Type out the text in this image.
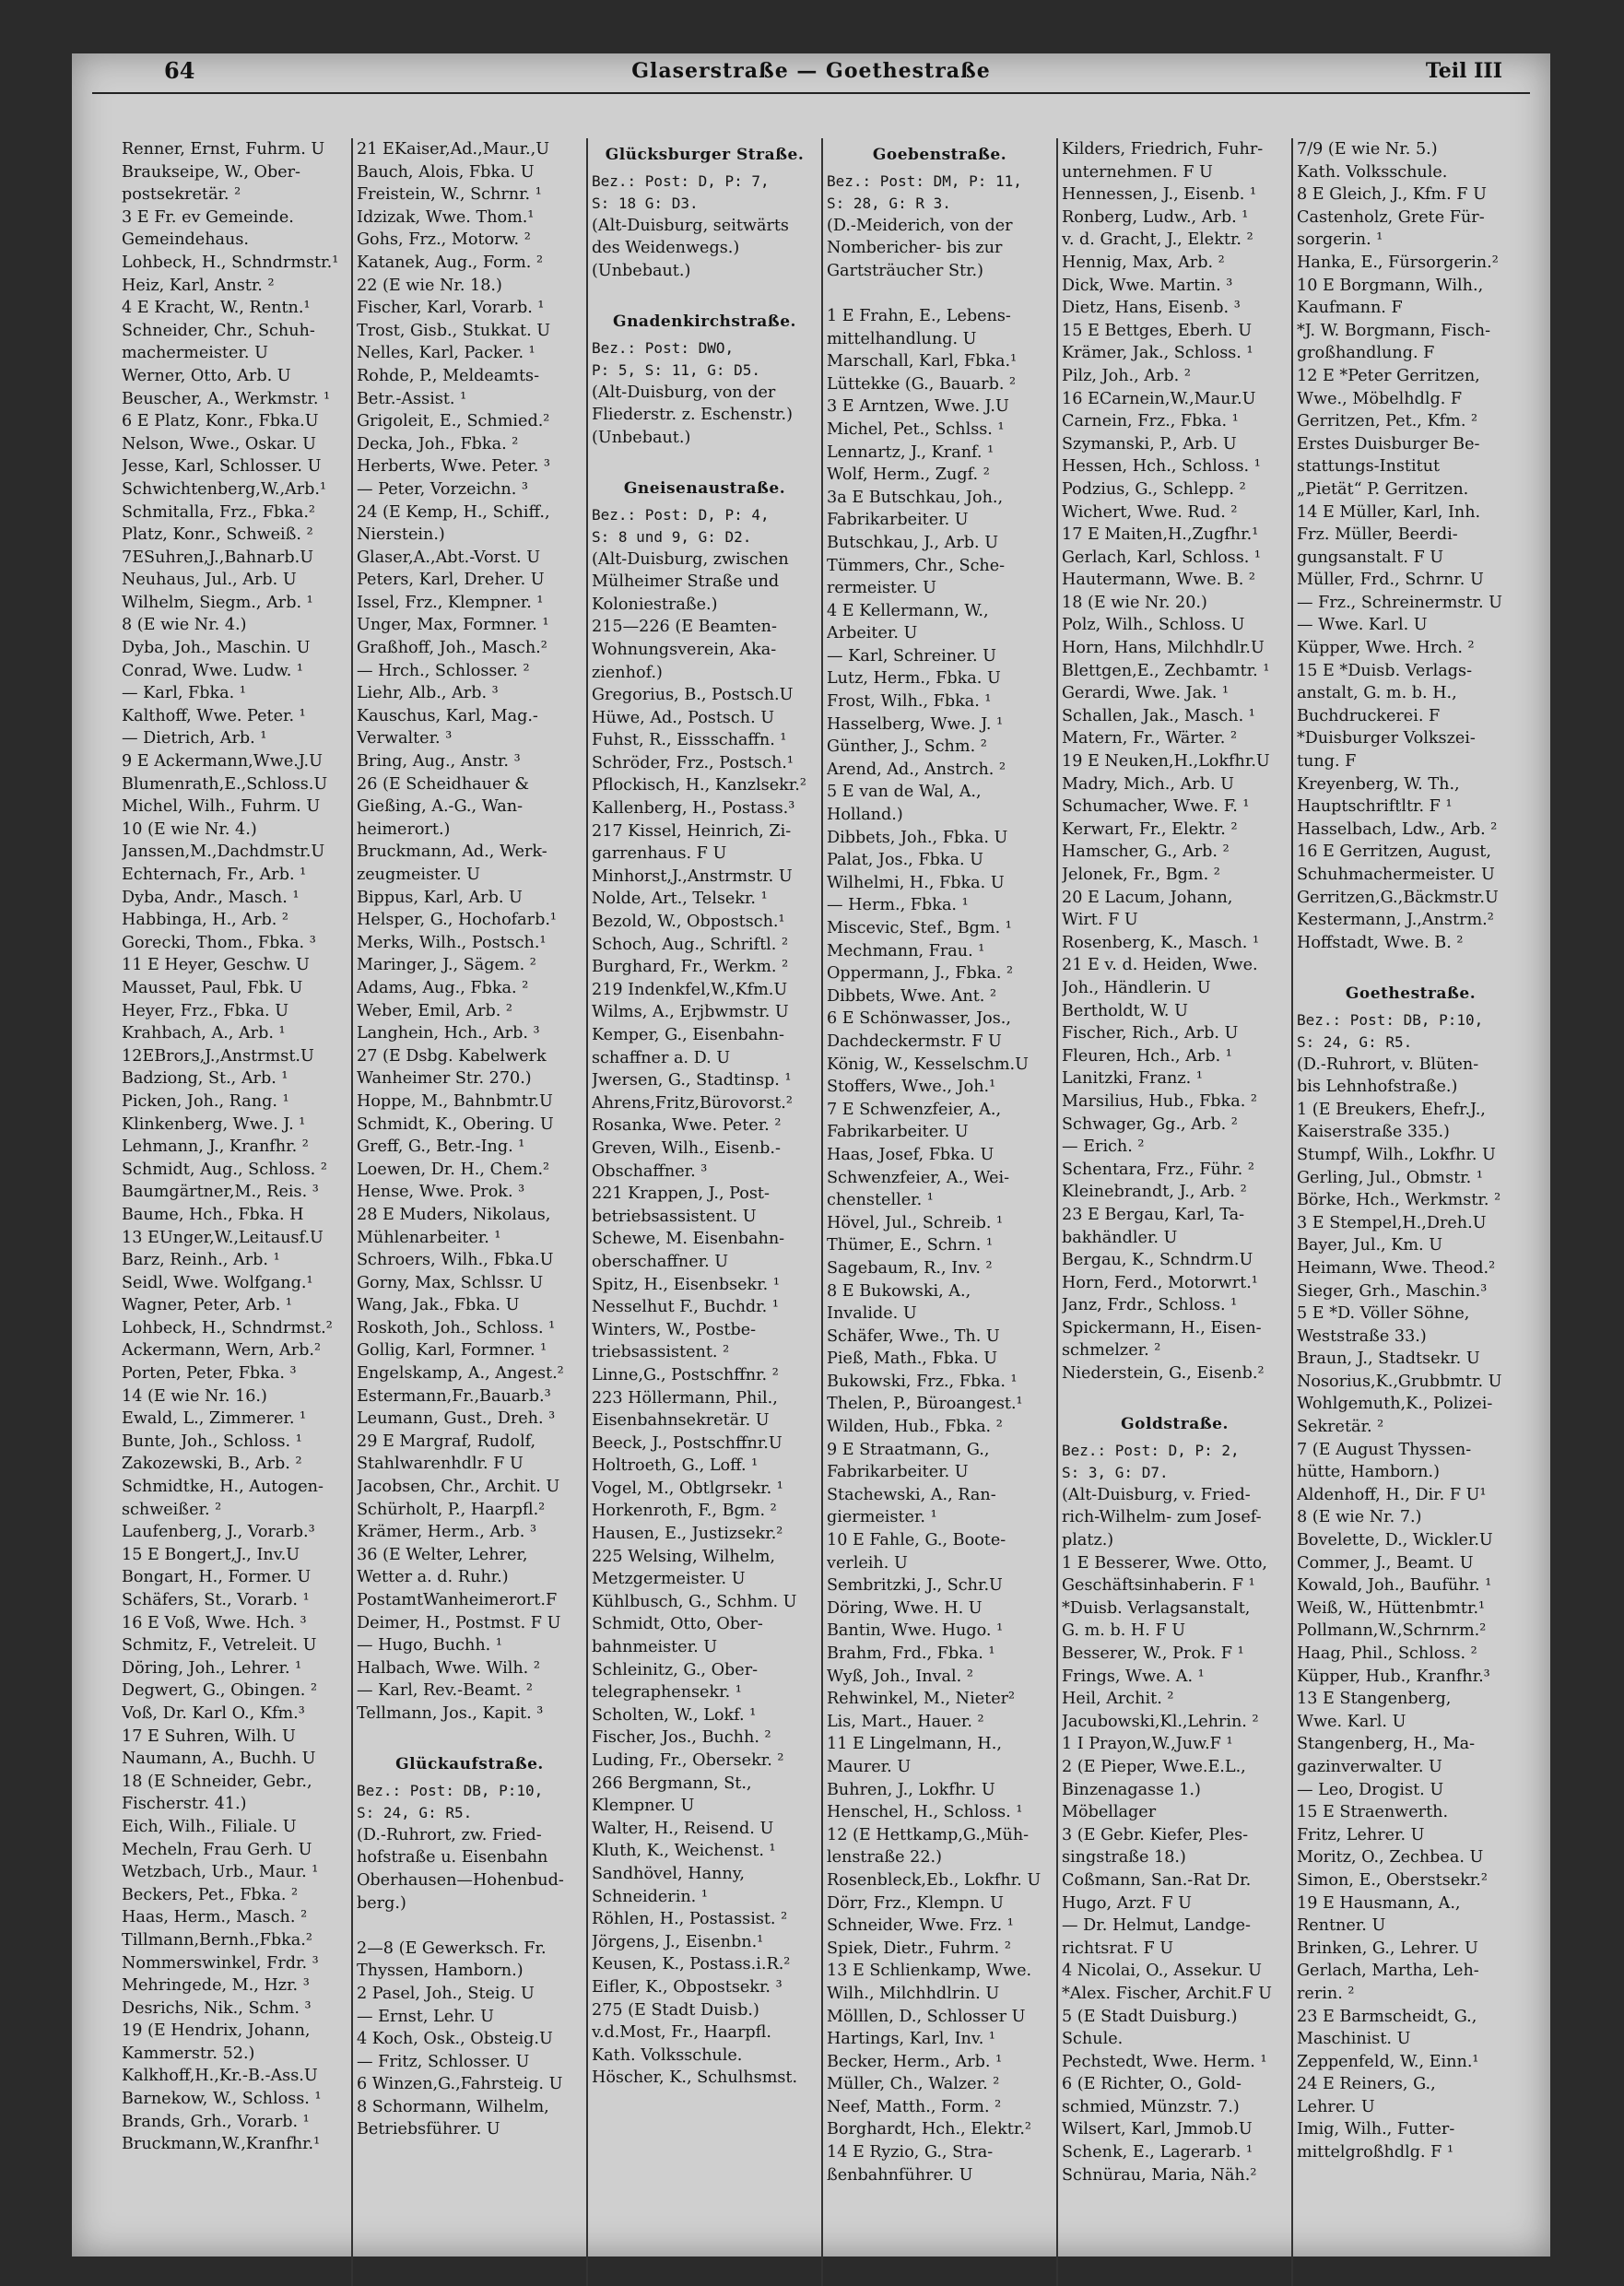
64	Glaserstraße — Goethestraße	Teil III
Renner, Ernst, Fuhrm. U
Braukseipe, W., Ober-
postsekretär. ²
3 E Fr. ev Gemeinde.
Gemeindehaus.
Lohbeck, H., Schndrmstr.¹
Heiz, Karl, Anstr. ²
4 E Kracht, W., Rentn.¹
Schneider, Chr., Schuh-
machermeister. U
Werner, Otto, Arb. U
Beuscher, A., Werkmstr. ¹
6 E Platz, Konr., Fbka.U
Nelson, Wwe., Oskar. U
Jesse, Karl, Schlosser. U
Schwichtenberg,W.,Arb.¹
Schmitalla, Frz., Fbka.²
Platz, Konr., Schweiß. ²
7ESuhren,J.,Bahnarb.U
Neuhaus, Jul., Arb. U
Wilhelm, Siegm., Arb. ¹
8 (E wie Nr. 4.)
Dyba, Joh., Maschin. U
Conrad, Wwe. Ludw. ¹
— Karl, Fbka. ¹
Kalthoff, Wwe. Peter. ¹
— Dietrich, Arb. ¹
9 E Ackermann,Wwe.J.U
Blumenrath,E.,Schloss.U
Michel, Wilh., Fuhrm. U
10 (E wie Nr. 4.)
Janssen,M.,Dachdmstr.U
Echternach, Fr., Arb. ¹
Dyba, Andr., Masch. ¹
Habbinga, H., Arb. ²
Gorecki, Thom., Fbka. ³
11 E Heyer, Geschw. U
Mausset, Paul, Fbk. U
Heyer, Frz., Fbka. U
Krahbach, A., Arb. ¹
12EBrors,J.,Anstrmst.U
Badziong, St., Arb. ¹
Picken, Joh., Rang. ¹
Klinkenberg, Wwe. J. ¹
Lehmann, J., Kranfhr. ²
Schmidt, Aug., Schloss. ²
Baumgärtner,M., Reis. ³
Baume, Hch., Fbka. H
13 EUnger,W.,Leitausf.U
Barz, Reinh., Arb. ¹
Seidl, Wwe. Wolfgang.¹
Wagner, Peter, Arb. ¹
Lohbeck, H., Schndrmst.²
Ackermann, Wern, Arb.²
Porten, Peter, Fbka. ³
14 (E wie Nr. 16.)
Ewald, L., Zimmerer. ¹
Bunte, Joh., Schloss. ¹
Zakozewski, B., Arb. ²
Schmidtke, H., Autogen-
schweißer. ²
Laufenberg, J., Vorarb.³
15 E Bongert,J., Inv.U
Bongart, H., Former. U
Schäfers, St., Vorarb. ¹
16 E Voß, Wwe. Hch. ³
Schmitz, F., Vetreleit. U
Döring, Joh., Lehrer. ¹
Degwert, G., Obingen. ²
Voß, Dr. Karl O., Kfm.³
17 E Suhren, Wilh. U
Naumann, A., Buchh. U
18 (E Schneider, Gebr.,
Fischerstr. 41.)
Eich, Wilh., Filiale. U
Mecheln, Frau Gerh. U
Wetzbach, Urb., Maur. ¹
Beckers, Pet., Fbka. ²
Haas, Herm., Masch. ²
Tillmann,Bernh.,Fbka.²
Nommerswinkel, Frdr. ³
Mehringede, M., Hzr. ³
Desrichs, Nik., Schm. ³
19 (E Hendrix, Johann,
Kammerstr. 52.)
Kalkhoff,H.,Kr.-B.-Ass.U
Barnekow, W., Schloss. ¹
Brands, Grh., Vorarb. ¹
Bruckmann,W.,Kranfhr.¹
21 EKaiser,Ad.,Maur.,U
Bauch, Alois, Fbka. U
Freistein, W., Schrnr. ¹
Idzizak, Wwe. Thom.¹
Gohs, Frz., Motorw. ²
Katanek, Aug., Form. ²
22 (E wie Nr. 18.)
Fischer, Karl, Vorarb. ¹
Trost, Gisb., Stukkat. U
Nelles, Karl, Packer. ¹
Rohde, P., Meldeamts-
Betr.-Assist. ¹
Grigoleit, E., Schmied.²
Decka, Joh., Fbka. ²
Herberts, Wwe. Peter. ³
— Peter, Vorzeichn. ³
24 (E Kemp, H., Schiff.,
Nierstein.)
Glaser,A.,Abt.-Vorst. U
Peters, Karl, Dreher. U
Issel, Frz., Klempner. ¹
Unger, Max, Formner. ¹
Graßhoff, Joh., Masch.²
— Hrch., Schlosser. ²
Liehr, Alb., Arb. ³
Kauschus, Karl, Mag.-
Verwalter. ³
Bring, Aug., Anstr. ³
26 (E Scheidhauer &
Gießing, A.-G., Wan-
heimerort.)
Bruckmann, Ad., Werk-
zeugmeister. U
Bippus, Karl, Arb. U
Helsper, G., Hochofarb.¹
Merks, Wilh., Postsch.¹
Maringer, J., Sägem. ²
Adams, Aug., Fbka. ²
Weber, Emil, Arb. ²
Langhein, Hch., Arb. ³
27 (E Dsbg. Kabelwerk
Wanheimer Str. 270.)
Hoppe, M., Bahnbmtr.U
Schmidt, K., Obering. U
Greff, G., Betr.-Ing. ¹
Loewen, Dr. H., Chem.²
Hense, Wwe. Prok. ³
28 E Muders, Nikolaus,
Mühlenarbeiter. ¹
Schroers, Wilh., Fbka.U
Gorny, Max, Schlssr. U
Wang, Jak., Fbka. U
Roskoth, Joh., Schloss. ¹
Gollig, Karl, Formner. ¹
Engelskamp, A., Angest.²
Estermann,Fr.,Bauarb.³
Leumann, Gust., Dreh. ³
29 E Margraf, Rudolf,
Stahlwarenhdlr. F U
Jacobsen, Chr., Archit. U
Schürholt, P., Haarpfl.²
Krämer, Herm., Arb. ³
36 (E Welter, Lehrer,
Wetter a. d. Ruhr.)
PostamtWanheimerort.F
Deimer, H., Postmst. F U
— Hugo, Buchh. ¹
Halbach, Wwe. Wilh. ²
— Karl, Rev.-Beamt. ²
Tellmann, Jos., Kapit. ³

Glückaufstraße.
Bez.: Post: DB, P:10,
S: 24, G: R5.
(D.-Ruhrort, zw. Fried-
hofstraße u. Eisenbahn
Oberhausen—Hohenbud-
berg.)

2—8 (E Gewerksch. Fr.
Thyssen, Hamborn.)
2 Pasel, Joh., Steig. U
— Ernst, Lehr. U
4 Koch, Osk., Obsteig.U
— Fritz, Schlosser. U
6 Winzen,G.,Fahrsteig. U
8 Schormann, Wilhelm,
Betriebsführer. U
Glücksburger Straße.
Bez.: Post: D, P: 7,
S: 18 G: D3.
(Alt-Duisburg, seitwärts
des Weidenwegs.)
(Unbebaut.)

Gnadenkirchstraße.
Bez.: Post: DWO,
P: 5, S: 11, G: D5.
(Alt-Duisburg, von der
Fliederstr. z. Eschenstr.)
(Unbebaut.)

Gneisenaustraße.
Bez.: Post: D, P: 4,
S: 8 und 9, G: D2.
(Alt-Duisburg, zwischen
Mülheimer Straße und
Koloniestraße.)
215—226 (E Beamten-
Wohnungsverein, Aka-
zienhof.)
Gregorius, B., Postsch.U
Hüwe, Ad., Postsch. U
Fuhst, R., Eissschaffn. ¹
Schröder, Frz., Postsch.¹
Pflockisch, H., Kanzlsekr.²
Kallenberg, H., Postass.³
217 Kissel, Heinrich, Zi-
garrenhaus. F U
Minhorst,J.,Anstrmstr. U
Nolde, Art., Telsekr. ¹
Bezold, W., Obpostsch.¹
Schoch, Aug., Schriftl. ²
Burghard, Fr., Werkm. ²
219 Indenkfel,W.,Kfm.U
Wilms, A., Erjbwmstr. U
Kemper, G., Eisenbahn-
schaffner a. D. U
Jwersen, G., Stadtinsp. ¹
Ahrens,Fritz,Bürovorst.²
Rosanka, Wwe. Peter. ²
Greven, Wilh., Eisenb.-
Obschaffner. ³
221 Krappen, J., Post-
betriebsassistent. U
Schewe, M. Eisenbahn-
oberschaffner. U
Spitz, H., Eisenbsekr. ¹
Nesselhut F., Buchdr. ¹
Winters, W., Postbe-
triebsassistent. ²
Linne,G., Postschffnr. ²
223 Höllermann, Phil.,
Eisenbahnsekretär. U
Beeck, J., Postschffnr.U
Holtroeth, G., Loff. ¹
Vogel, M., Obtlgrsekr. ¹
Horkenroth, F., Bgm. ²
Hausen, E., Justizsekr.²
225 Welsing, Wilhelm,
Metzgermeister. U
Kühlbusch, G., Schhm. U
Schmidt, Otto, Ober-
bahnmeister. U
Schleinitz, G., Ober-
telegraphensekr. ¹
Scholten, W., Lokf. ¹
Fischer, Jos., Buchh. ²
Luding, Fr., Obersekr. ²
266 Bergmann, St.,
Klempner. U
Walter, H., Reisend. U
Kluth, K., Weichenst. ¹
Sandhövel, Hanny,
Schneiderin. ¹
Röhlen, H., Postassist. ²
Jörgens, J., Eisenbn.¹
Keusen, K., Postass.i.R.²
Eifler, K., Obpostsekr. ³
275 (E Stadt Duisb.)
v.d.Most, Fr., Haarpfl.
Kath. Volksschule.
Höscher, K., Schulhsmst.
Goebenstraße.
Bez.: Post: DM, P: 11,
S: 28, G: R 3.
(D.-Meiderich, von der
Nombericher- bis zur
Gartsträucher Str.)

1 E Frahn, E., Lebens-
mittelhandlung. U
Marschall, Karl, Fbka.¹
Lüttekke (G., Bauarb. ²
3 E Arntzen, Wwe. J.U
Michel, Pet., Schlss. ¹
Lennartz, J., Kranf. ¹
Wolf, Herm., Zugf. ²
3a E Butschkau, Joh.,
Fabrikarbeiter. U
Butschkau, J., Arb. U
Tümmers, Chr., Sche-
rermeister. U
4 E Kellermann, W.,
Arbeiter. U
— Karl, Schreiner. U
Lutz, Herm., Fbka. U
Frost, Wilh., Fbka. ¹
Hasselberg, Wwe. J. ¹
Günther, J., Schm. ²
Arend, Ad., Anstrch. ²
5 E van de Wal, A.,
Holland.)
Dibbets, Joh., Fbka. U
Palat, Jos., Fbka. U
Wilhelmi, H., Fbka. U
— Herm., Fbka. ¹
Miscevic, Stef., Bgm. ¹
Mechmann, Frau. ¹
Oppermann, J., Fbka. ²
Dibbets, Wwe. Ant. ²
6 E Schönwasser, Jos.,
Dachdeckermstr. F U
König, W., Kesselschm.U
Stoffers, Wwe., Joh.¹
7 E Schwenzfeier, A.,
Fabrikarbeiter. U
Haas, Josef, Fbka. U
Schwenzfeier, A., Wei-
chensteller. ¹
Hövel, Jul., Schreib. ¹
Thümer, E., Schrn. ¹
Sagebaum, R., Inv. ²
8 E Bukowski, A.,
Invalide. U
Schäfer, Wwe., Th. U
Pieß, Math., Fbka. U
Bukowski, Frz., Fbka. ¹
Thelen, P., Büroangest.¹
Wilden, Hub., Fbka. ²
9 E Straatmann, G.,
Fabrikarbeiter. U
Stachewski, A., Ran-
giermeister. ¹
10 E Fahle, G., Boote-
verleih. U
Sembritzki, J., Schr.U
Döring, Wwe. H. U
Bantin, Wwe. Hugo. ¹
Brahm, Frd., Fbka. ¹
Wyß, Joh., Inval. ²
Rehwinkel, M., Nieter²
Lis, Mart., Hauer. ²
11 E Lingelmann, H.,
Maurer. U
Buhren, J., Lokfhr. U
Henschel, H., Schloss. ¹
12 (E Hettkamp,G.,Müh-
lenstraße 22.)
Rosenbleck,Eb., Lokfhr. U
Dörr, Frz., Klempn. U
Schneider, Wwe. Frz. ¹
Spiek, Dietr., Fuhrm. ²
13 E Schlienkamp, Wwe.
Wilh., Milchhdlrin. U
Mölllen, D., Schlosser U
Hartings, Karl, Inv. ¹
Becker, Herm., Arb. ¹
Müller, Ch., Walzer. ²
Neef, Matth., Form. ²
Borghardt, Hch., Elektr.²
14 E Ryzio, G., Stra-
ßenbahnführer. U
Kilders, Friedrich, Fuhr-
unternehmen. F U
Hennessen, J., Eisenb. ¹
Ronberg, Ludw., Arb. ¹
v. d. Gracht, J., Elektr. ²
Hennig, Max, Arb. ²
Dick, Wwe. Martin. ³
Dietz, Hans, Eisenb. ³
15 E Bettges, Eberh. U
Krämer, Jak., Schloss. ¹
Pilz, Joh., Arb. ²
16 ECarnein,W.,Maur.U
Carnein, Frz., Fbka. ¹
Szymanski, P., Arb. U
Hessen, Hch., Schloss. ¹
Podzius, G., Schlepp. ²
Wichert, Wwe. Rud. ²
17 E Maiten,H.,Zugfhr.¹
Gerlach, Karl, Schloss. ¹
Hautermann, Wwe. B. ²
18 (E wie Nr. 20.)
Polz, Wilh., Schloss. U
Horn, Hans, Milchhdlr.U
Blettgen,E., Zechbamtr. ¹
Gerardi, Wwe. Jak. ¹
Schallen, Jak., Masch. ¹
Matern, Fr., Wärter. ²
19 E Neuken,H.,Lokfhr.U
Madry, Mich., Arb. U
Schumacher, Wwe. F. ¹
Kerwart, Fr., Elektr. ²
Hamscher, G., Arb. ²
Jelonek, Fr., Bgm. ²
20 E Lacum, Johann,
Wirt. F U
Rosenberg, K., Masch. ¹
21 E v. d. Heiden, Wwe.
Joh., Händlerin. U
Bertholdt, W. U
Fischer, Rich., Arb. U
Fleuren, Hch., Arb. ¹
Lanitzki, Franz. ¹
Marsilius, Hub., Fbka. ²
Schwager, Gg., Arb. ²
— Erich. ²
Schentara, Frz., Führ. ²
Kleinebrandt, J., Arb. ²
23 E Bergau, Karl, Ta-
bakhändler. U
Bergau, K., Schndrm.U
Horn, Ferd., Motorwrt.¹
Janz, Frdr., Schloss. ¹
Spickermann, H., Eisen-
schmelzer. ²
Niederstein, G., Eisenb.²

Goldstraße.
Bez.: Post: D, P: 2,
S: 3, G: D7.
(Alt-Duisburg, v. Fried-
rich-Wilhelm- zum Josef-
platz.)
1 E Besserer, Wwe. Otto,
Geschäftsinhaberin. F ¹
*Duisb. Verlagsanstalt,
G. m. b. H. F U
Besserer, W., Prok. F ¹
Frings, Wwe. A. ¹
Heil, Archit. ²
Jacubowski,Kl.,Lehrin. ²
1 I Prayon,W.,Juw.F ¹
2 (E Pieper, Wwe.E.L.,
Binzenagasse 1.)
Möbellager
3 (E Gebr. Kiefer, Ples-
singstraße 18.)
Coßmann, San.-Rat Dr.
Hugo, Arzt. F U
— Dr. Helmut, Landge-
richtsrat. F U
4 Nicolai, O., Assekur. U
*Alex. Fischer, Archit.F U
5 (E Stadt Duisburg.)
Schule.
Pechstedt, Wwe. Herm. ¹
6 (E Richter, O., Gold-
schmied, Münzstr. 7.)
Wilsert, Karl, Jmmob.U
Schenk, E., Lagerarb. ¹
Schnürau, Maria, Näh.²
7/9 (E wie Nr. 5.)
Kath. Volksschule.
8 E Gleich, J., Kfm. F U
Castenholz, Grete Für-
sorgerin. ¹
Hanka, E., Fürsorgerin.²
10 E Borgmann, Wilh.,
Kaufmann. F
*J. W. Borgmann, Fisch-
großhandlung. F
12 E *Peter Gerritzen,
Wwe., Möbelhdlg. F
Gerritzen, Pet., Kfm. ²
Erstes Duisburger Be-
stattungs-Institut
„Pietät“ P. Gerritzen.
14 E Müller, Karl, Inh.
Frz. Müller, Beerdi-
gungsanstalt. F U
Müller, Frd., Schrnr. U
— Frz., Schreinermstr. U
— Wwe. Karl. U
Küpper, Wwe. Hrch. ²
15 E *Duisb. Verlags-
anstalt, G. m. b. H.,
Buchdruckerei. F
*Duisburger Volkszei-
tung. F
Kreyenberg, W. Th.,
Hauptschriftltr. F ¹
Hasselbach, Ldw., Arb. ²
16 E Gerritzen, August,
Schuhmachermeister. U
Gerritzen,G.,Bäckmstr.U
Kestermann, J.,Anstrm.²
Hoffstadt, Wwe. B. ²

Goethestraße.
Bez.: Post: DB, P:10,
S: 24, G: R5.
(D.-Ruhrort, v. Blüten-
bis Lehnhofstraße.)
1 (E Breukers, Ehefr.J.,
Kaiserstraße 335.)
Stumpf, Wilh., Lokfhr. U
Gerling, Jul., Obmstr. ¹
Börke, Hch., Werkmstr. ²
3 E Stempel,H.,Dreh.U
Bayer, Jul., Km. U
Heimann, Wwe. Theod.²
Sieger, Grh., Maschin.³
5 E *D. Völler Söhne,
Weststraße 33.)
Braun, J., Stadtsekr. U
Nosorius,K.,Grubbmtr. U
Wohlgemuth,K., Polizei-
Sekretär. ²
7 (E August Thyssen-
hütte, Hamborn.)
Aldenhoff, H., Dir. F U¹
8 (E wie Nr. 7.)
Bovelette, D., Wickler.U
Commer, J., Beamt. U
Kowald, Joh., Bauführ. ¹
Weiß, W., Hüttenbmtr.¹
Pollmann,W.,Schrnrm.²
Haag, Phil., Schloss. ²
Küpper, Hub., Kranfhr.³
13 E Stangenberg,
Wwe. Karl. U
Stangenberg, H., Ma-
gazinverwalter. U
— Leo, Drogist. U
15 E Straenwerth.
Fritz, Lehrer. U
Moritz, O., Zechbea. U
Simon, E., Oberstsekr.²
19 E Hausmann, A.,
Rentner. U
Brinken, G., Lehrer. U
Gerlach, Martha, Leh-
rerin. ²
23 E Barmscheidt, G.,
Maschinist. U
Zeppenfeld, W., Einn.¹
24 E Reiners, G.,
Lehrer. U
Imig, Wilh., Futter-
mittelgroßhdlg. F ¹
